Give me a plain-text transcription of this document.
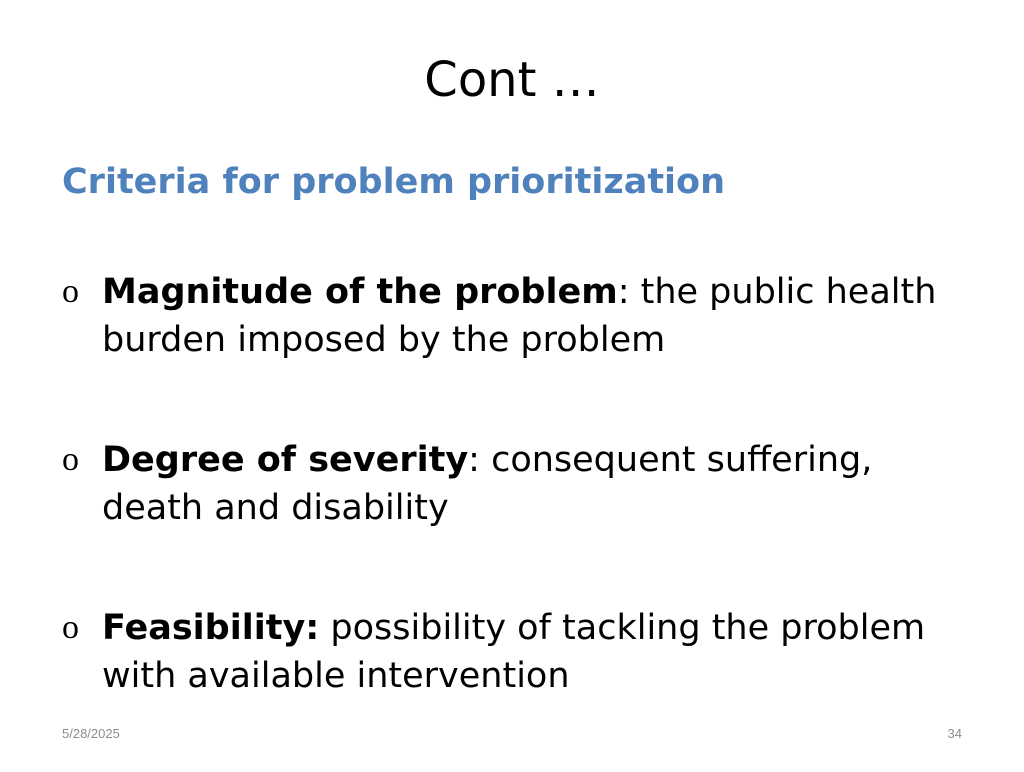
Cont …
Criteria for problem prioritization
o Magnitude of the problem: the public health burden imposed by the problem
o Degree of severity: consequent suffering, death and disability
o Feasibility: possibility of tackling the problem with available intervention
5/28/2025	34
